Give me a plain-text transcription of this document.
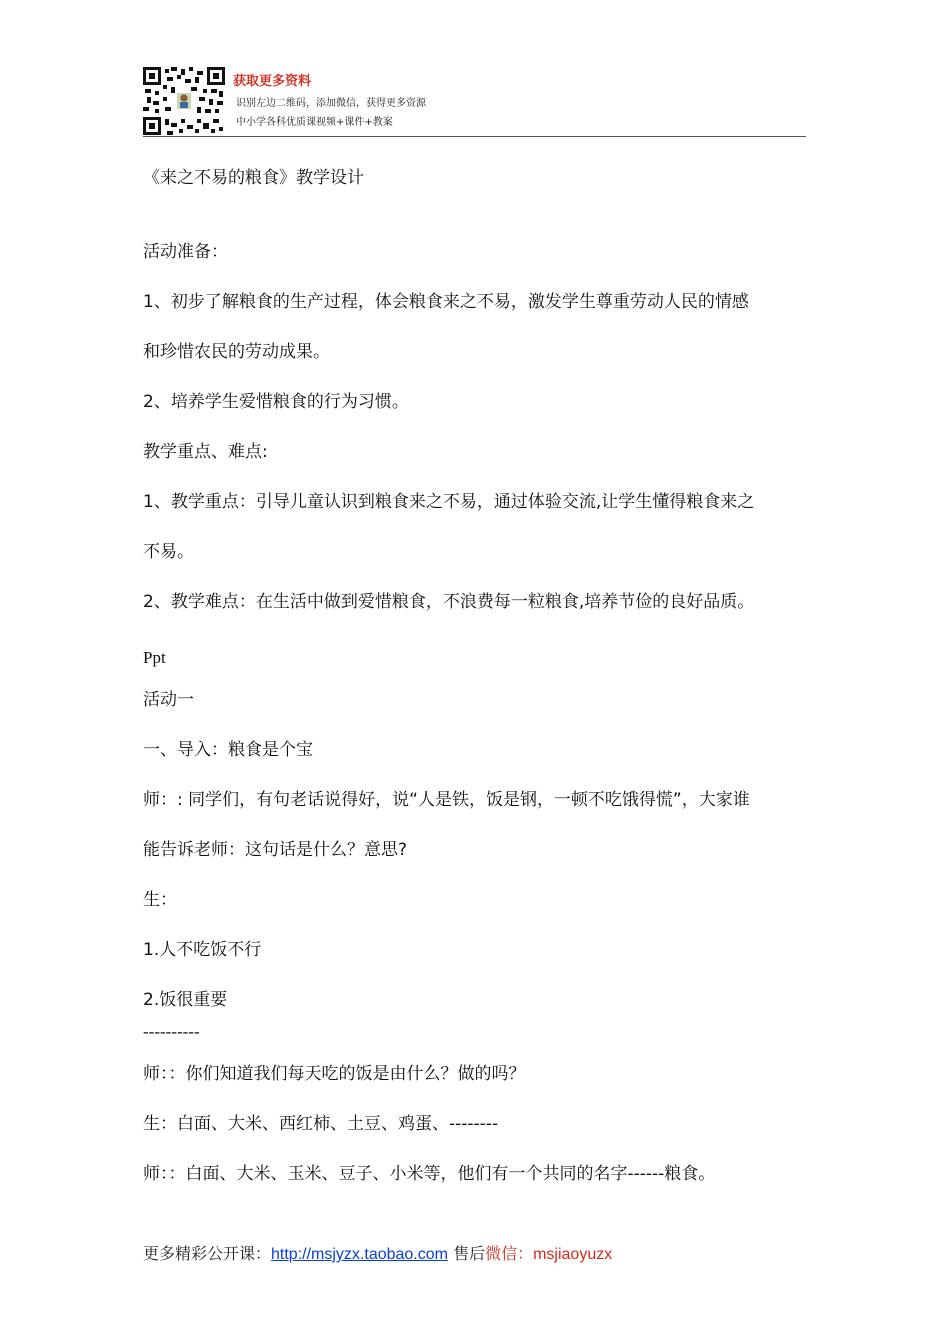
获取更多资料
识别左边二维码，添加微信，获得更多资源
中小学各科优质课视频+课件+教案
《来之不易的粮食》教学设计
活动准备：
1、初步了解粮食的生产过程，体会粮食来之不易，激发学生尊重劳动人民的情感
和珍惜农民的劳动成果。
2、培养学生爱惜粮食的行为习惯。
教学重点、难点:
1、教学重点：引导儿童认识到粮食来之不易，通过体验交流,让学生懂得粮食来之
不易。
2、教学难点：在生活中做到爱惜粮食，不浪费每一粒粮食,培养节俭的良好品质。
Ppt
活动一
一、导入：粮食是个宝
师：: 同学们，有句老话说得好，说“人是铁，饭是钢，一顿不吃饿得慌”，大家谁
能告诉老师：这句话是什么？意思?
生：
1.人不吃饭不行
2.饭很重要
----------
师：：你们知道我们每天吃的饭是由什么？做的吗？
生：白面、大米、西红柿、土豆、鸡蛋、--------
师：：白面、大米、玉米、豆子、小米等，他们有一个共同的名字------粮食。
更多精彩公开课：http://msjyzx.taobao.com 售后微信：msjiaoyuzx
